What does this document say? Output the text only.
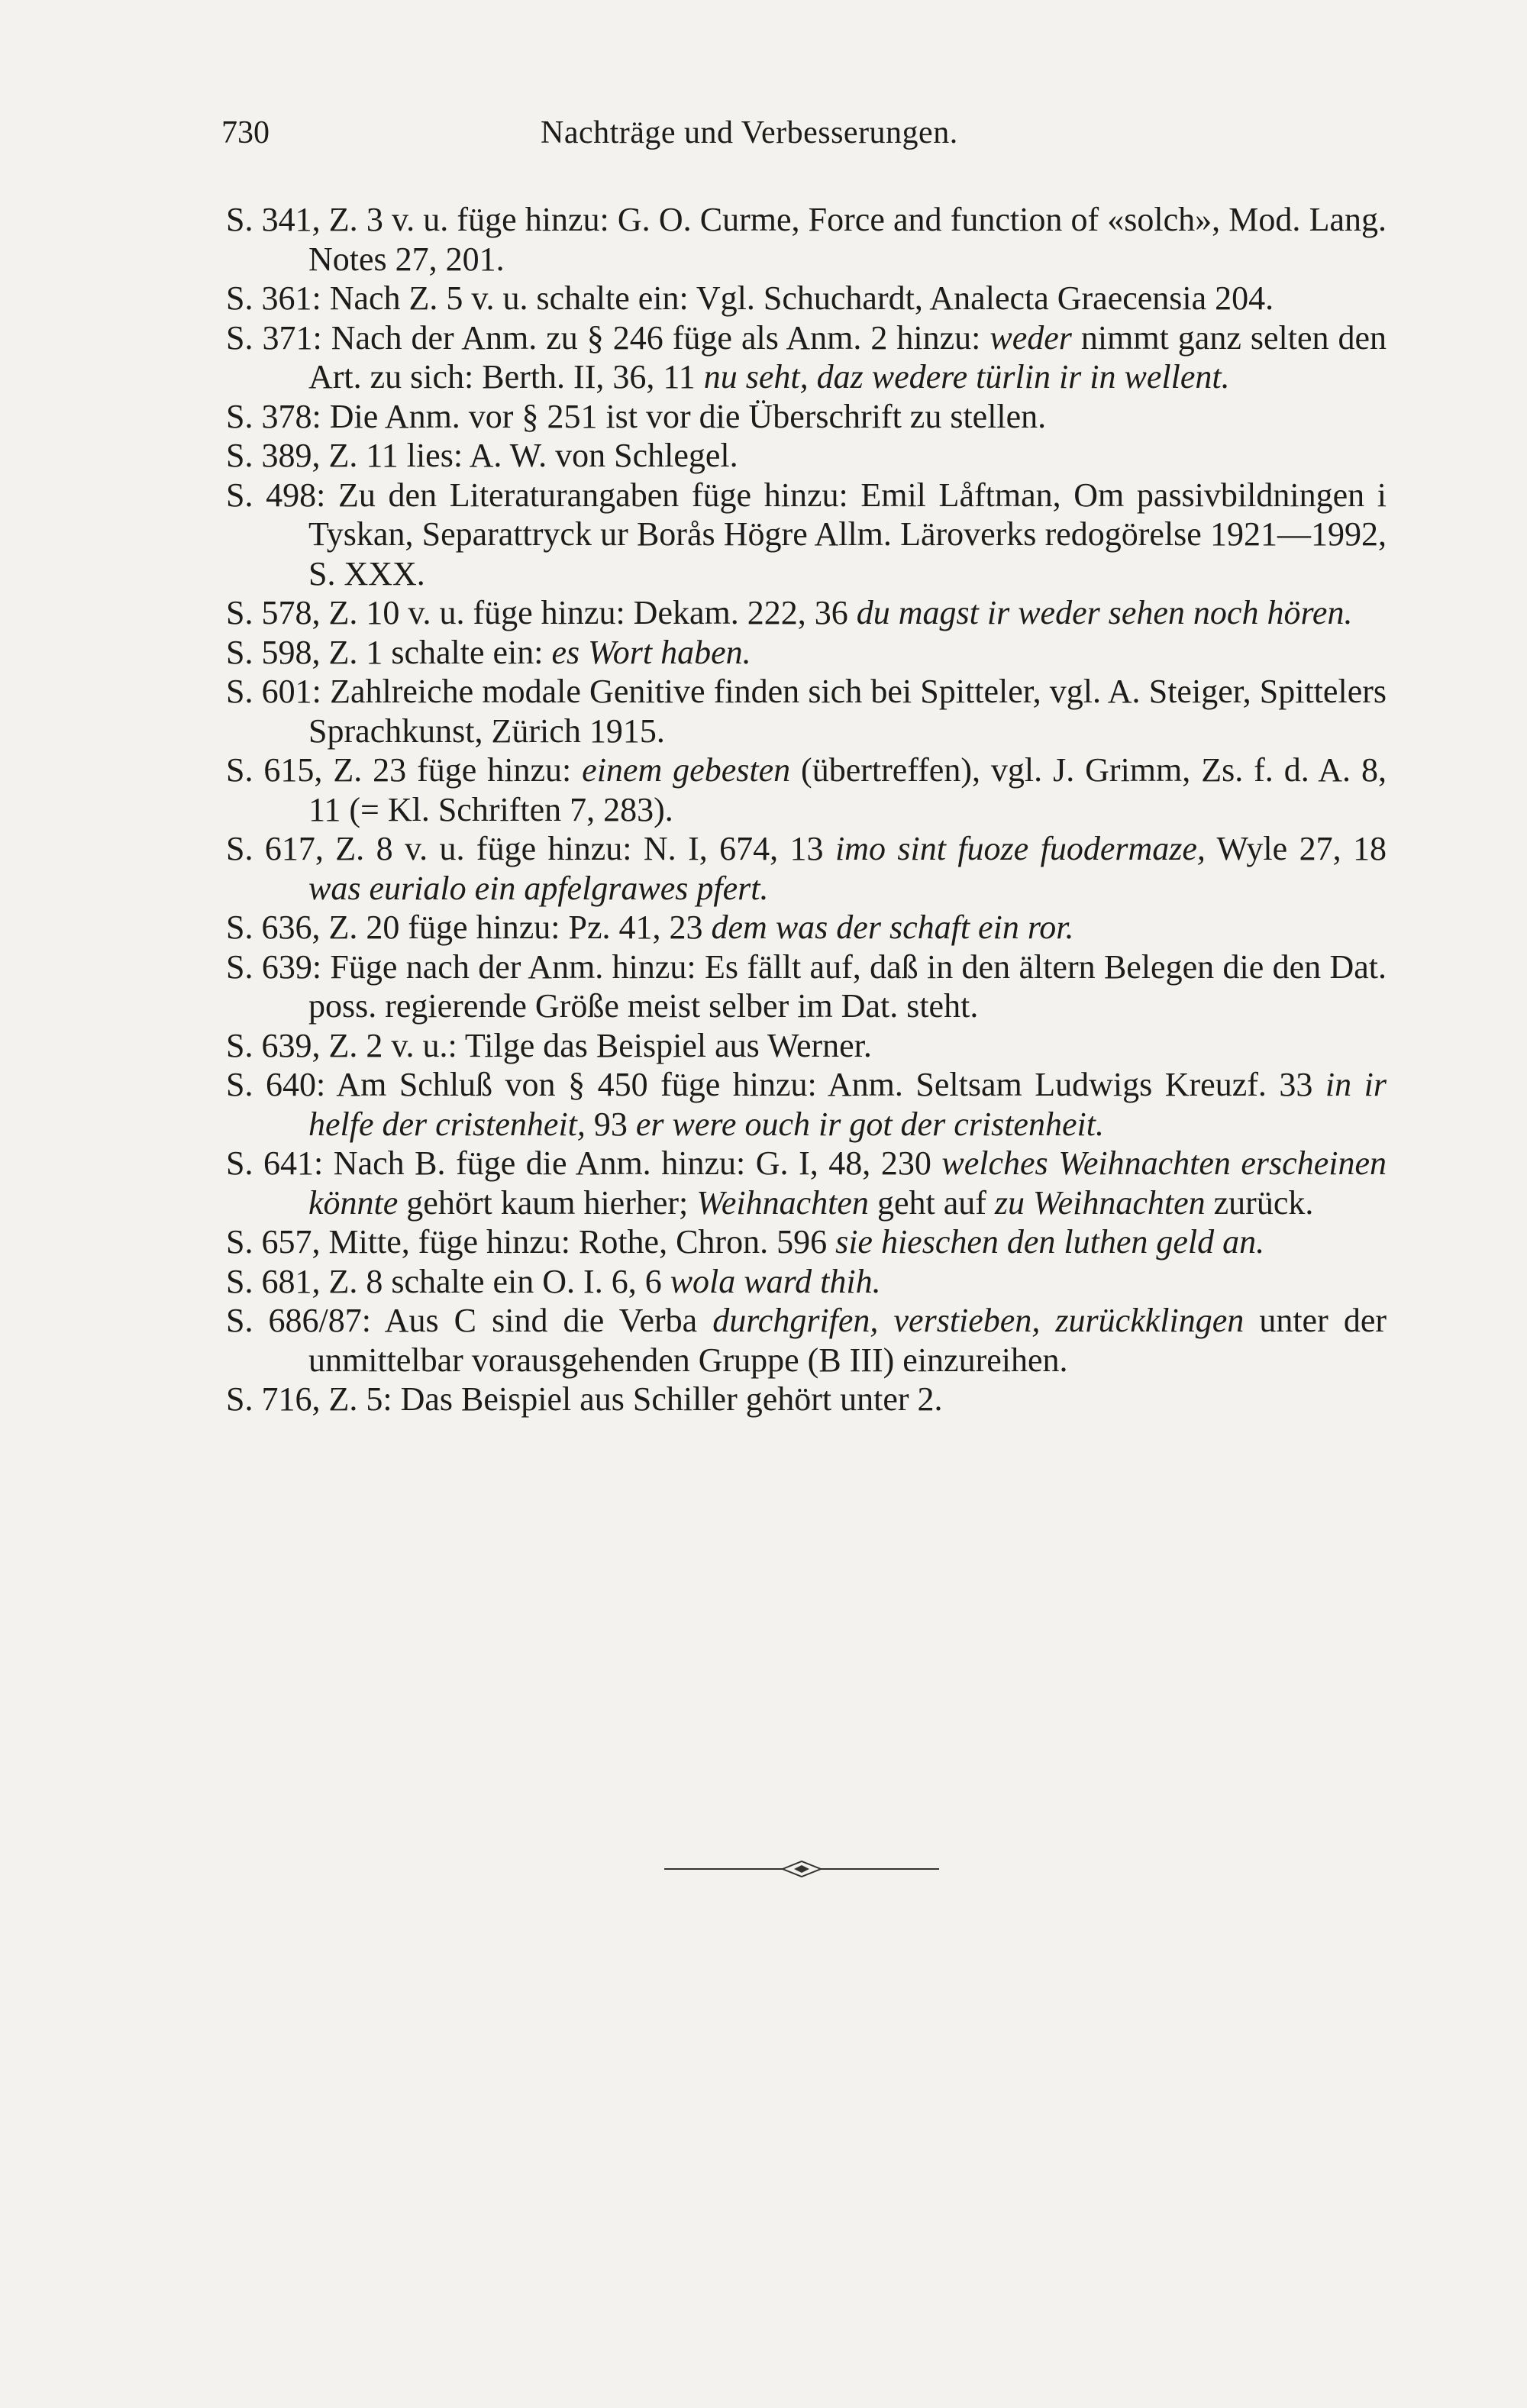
730	Nachträge und Verbesserungen.

S. 341, Z. 3 v. u. füge hinzu: G. O. Curme, Force and function of «solch», Mod. Lang. Notes 27, 201.

S. 361: Nach Z. 5 v. u. schalte ein: Vgl. Schuchardt, Analecta Graecensia 204.

S. 371: Nach der Anm. zu § 246 füge als Anm. 2 hinzu: weder nimmt ganz selten den Art. zu sich: Berth. II, 36, 11 nu seht, daz wedere türlin ir in wellent.

S. 378: Die Anm. vor § 251 ist vor die Überschrift zu stellen.

S. 389, Z. 11 lies: A. W. von Schlegel.

S. 498: Zu den Literaturangaben füge hinzu: Emil Låftman, Om passivbildningen i Tyskan, Separattryck ur Borås Högre Allm. Läroverks redogörelse 1921—1992, S. XXX.

S. 578, Z. 10 v. u. füge hinzu: Dekam. 222, 36 du magst ir weder sehen noch hören.

S. 598, Z. 1 schalte ein: es Wort haben.

S. 601: Zahlreiche modale Genitive finden sich bei Spitteler, vgl. A. Steiger, Spittelers Sprachkunst, Zürich 1915.

S. 615, Z. 23 füge hinzu: einem gebesten (übertreffen), vgl. J. Grimm, Zs. f. d. A. 8, 11 (= Kl. Schriften 7, 283).

S. 617, Z. 8 v. u. füge hinzu: N. I, 674, 13 imo sint fuoze fuodermaze, Wyle 27, 18 was eurialo ein apfelgrawes pfert.

S. 636, Z. 20 füge hinzu: Pz. 41, 23 dem was der schaft ein ror.

S. 639: Füge nach der Anm. hinzu: Es fällt auf, daß in den ältern Belegen die den Dat. poss. regierende Größe meist selber im Dat. steht.

S. 639, Z. 2 v. u.: Tilge das Beispiel aus Werner.

S. 640: Am Schluß von § 450 füge hinzu: Anm. Seltsam Ludwigs Kreuzf. 33 in ir helfe der cristenheit, 93 er were ouch ir got der cristenheit.

S. 641: Nach B. füge die Anm. hinzu: G. I, 48, 230 welches Weihnachten erscheinen könnte gehört kaum hierher; Weihnachten geht auf zu Weihnachten zurück.

S. 657, Mitte, füge hinzu: Rothe, Chron. 596 sie hieschen den luthen geld an.

S. 681, Z. 8 schalte ein O. I. 6, 6 wola ward thih.

S. 686/87: Aus C sind die Verba durchgrifen, verstieben, zurückklingen unter der unmittelbar vorausgehenden Gruppe (B III) einzureihen.

S. 716, Z. 5: Das Beispiel aus Schiller gehört unter 2.
